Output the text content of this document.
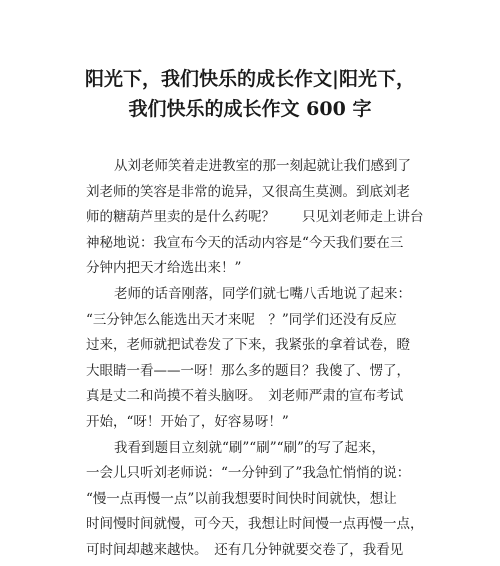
阳光下，我们快乐的成长作文|阳光下，
我们快乐的成长作文 600 字
从刘老师笑着走进教室的那一刻起就让我们感到了
刘老师的笑容是非常的诡异，又很高生莫测。到底刘老
师的糖葫芦里卖的是什么药呢？　　只见刘老师走上讲台
神秘地说：我宣布今天的活动内容是“今天我们要在三
分钟内把天才给选出来！”
老师的话音刚落，同学们就七嘴八舌地说了起来：
“三分钟怎么能选出天才来呢　？”同学们还没有反应
过来，老师就把试卷发了下来，我紧张的拿着试卷，瞪
大眼睛一看——一呀！那么多的题目？我傻了、愣了，
真是丈二和尚摸不着头脑呀。　刘老师严肃的宣布考试
开始，“呀！开始了，好容易呀！”
我看到题目立刻就“刷”“刷”“刷”的写了起来，
一会儿只听刘老师说：“一分钟到了”我急忙悄悄的说：
“慢一点再慢一点”以前我想要时间快时间就快，想让
时间慢时间就慢，可今天，我想让时间慢一点再慢一点，
可时间却越来越快。　还有几分钟就要交卷了，我看见
